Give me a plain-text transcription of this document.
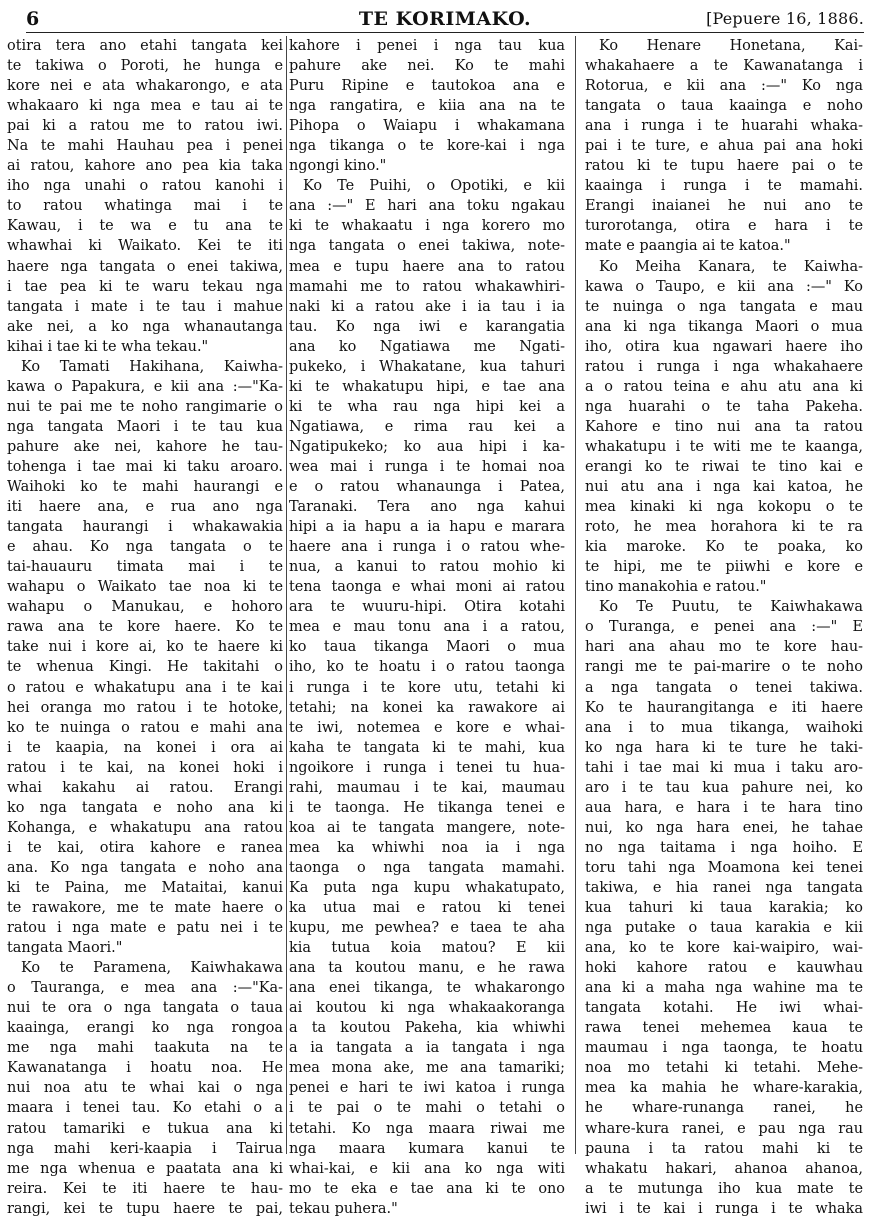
6	TE KORIMAKO.	[Pepuere 16, 1886.
otira tera ano etahi tangata kei
te takiwa o Poroti, he hunga e
kore nei e ata whakarongo, e ata
whakaaro ki nga mea e tau ai te
pai ki a ratou me to ratou iwi.
Na te mahi Hauhau pea i penei
ai ratou, kahore ano pea kia taka
iho nga unahi o ratou kanohi i
to ratou whatinga mai i te
Kawau, i te wa e tu ana te
whawhai ki Waikato. Kei te iti
haere nga tangata o enei takiwa,
i tae pea ki te waru tekau nga
tangata i mate i te tau i mahue
ake nei, a ko nga whanautanga
kihai i tae ki te wha tekau."
Ko Tamati Hakihana, Kaiwha-
kawa o Papakura, e kii ana :—"Ka-
nui te pai me te noho rangimarie o
nga tangata Maori i te tau kua
pahure ake nei, kahore he tau-
tohenga i tae mai ki taku aroaro.
Waihoki ko te mahi haurangi e
iti haere ana, e rua ano nga
tangata haurangi i whakawakia
e ahau. Ko nga tangata o te
tai-hauauru timata mai i te
wahapu o Waikato tae noa ki te
wahapu o Manukau, e hohoro
rawa ana te kore haere. Ko te
take nui i kore ai, ko te haere ki
te whenua Kingi. He takitahi o
o ratou e whakatupu ana i te kai
hei oranga mo ratou i te hotoke,
ko te nuinga o ratou e mahi ana
i te kaapia, na konei i ora ai
ratou i te kai, na konei hoki i
whai kakahu ai ratou. Erangi
ko nga tangata e noho ana ki
Kohanga, e whakatupu ana ratou
i te kai, otira kahore e ranea
ana. Ko nga tangata e noho ana
ki te Paina, me Mataitai, kanui
te rawakore, me te mate haere o
ratou i nga mate e patu nei i te
tangata Maori."
Ko te Paramena, Kaiwhakawa
o Tauranga, e mea ana :—"Ka-
nui te ora o nga tangata o taua
kaainga, erangi ko nga rongoa
me nga mahi taakuta na te
Kawanatanga i hoatu noa. He
nui noa atu te whai kai o nga
maara i tenei tau. Ko etahi o a
ratou tamariki e tukua ana ki
nga mahi keri-kaapia i Tairua
me nga whenua e paatata ana ki
reira. Kei te iti haere te hau-
rangi, kei te tupu haere te pai,
kahore i penei i nga tau kua
pahure ake nei. Ko te mahi
Puru Ripine e tautokoa ana e
nga rangatira, e kiia ana na te
Pihopa o Waiapu i whakamana
nga tikanga o te kore-kai i nga
ngongi kino."
Ko Te Puihi, o Opotiki, e kii
ana :—" E hari ana toku ngakau
ki te whakaatu i nga korero mo
nga tangata o enei takiwa, note-
mea e tupu haere ana to ratou
mamahi me to ratou whakawhiri-
naki ki a ratou ake i ia tau i ia
tau. Ko nga iwi e karangatia
ana ko Ngatiawa me Ngati-
pukeko, i Whakatane, kua tahuri
ki te whakatupu hipi, e tae ana
ki te wha rau nga hipi kei a
Ngatiawa, e rima rau kei a
Ngatipukeko; ko aua hipi i ka-
wea mai i runga i te homai noa
e o ratou whanaunga i Patea,
Taranaki. Tera ano nga kahui
hipi a ia hapu a ia hapu e marara
haere ana i runga i o ratou whe-
nua, a kanui to ratou mohio ki
tena taonga e whai moni ai ratou
ara te wuuru-hipi. Otira kotahi
mea e mau tonu ana i a ratou,
ko taua tikanga Maori o mua
iho, ko te hoatu i o ratou taonga
i runga i te kore utu, tetahi ki
tetahi; na konei ka rawakore ai
te iwi, notemea e kore e whai-
kaha te tangata ki te mahi, kua
ngoikore i runga i tenei tu hua-
rahi, maumau i te kai, maumau
i te taonga. He tikanga tenei e
koa ai te tangata mangere, note-
mea ka whiwhi noa ia i nga
taonga o nga tangata mamahi.
Ka puta nga kupu whakatupato,
ka utua mai e ratou ki tenei
kupu, me pewhea? e taea te aha
kia tutua koia matou? E kii
ana ta koutou manu, e he rawa
ana enei tikanga, te whakarongo
ai koutou ki nga whakaakoranga
a ta koutou Pakeha, kia whiwhi
a ia tangata a ia tangata i nga
mea mona ake, me ana tamariki;
penei e hari te iwi katoa i runga
i te pai o te mahi o tetahi o
tetahi. Ko nga maara riwai me
nga maara kumara kanui te
whai-kai, e kii ana ko nga witi
mo te eka e tae ana ki te ono
tekau puhera."
Ko Henare Honetana, Kai-
whakahaere a te Kawanatanga i
Rotorua, e kii ana :—" Ko nga
tangata o taua kaainga e noho
ana i runga i te huarahi whaka-
pai i te ture, e ahua pai ana hoki
ratou ki te tupu haere pai o te
kaainga i runga i te mamahi.
Erangi inaianei he nui ano te
turorotanga, otira e hara i te
mate e paangia ai te katoa."
Ko Meiha Kanara, te Kaiwha-
kawa o Taupo, e kii ana :—" Ko
te nuinga o nga tangata e mau
ana ki nga tikanga Maori o mua
iho, otira kua ngawari haere iho
ratou i runga i nga whakahaere
a o ratou teina e ahu atu ana ki
nga huarahi o te taha Pakeha.
Kahore e tino nui ana ta ratou
whakatupu i te witi me te kaanga,
erangi ko te riwai te tino kai e
nui atu ana i nga kai katoa, he
mea kinaki ki nga kokopu o te
roto, he mea horahora ki te ra
kia maroke. Ko te poaka, ko
te hipi, me te piiwhi e kore e
tino manakohia e ratou."
Ko Te Puutu, te Kaiwhakawa
o Turanga, e penei ana :—" E
hari ana ahau mo te kore hau-
rangi me te pai-marire o te noho
a nga tangata o tenei takiwa.
Ko te haurangitanga e iti haere
ana i to mua tikanga, waihoki
ko nga hara ki te ture he taki-
tahi i tae mai ki mua i taku aro-
aro i te tau kua pahure nei, ko
aua hara, e hara i te hara tino
nui, ko nga hara enei, he tahae
no nga taitama i nga hoiho. E
toru tahi nga Moamona kei tenei
takiwa, e hia ranei nga tangata
kua tahuri ki taua karakia; ko
nga putake o taua karakia e kii
ana, ko te kore kai-waipiro, wai-
hoki kahore ratou e kauwhau
ana ki a maha nga wahine ma te
tangata kotahi. He iwi whai-
rawa tenei mehemea kaua te
maumau i nga taonga, te hoatu
noa mo tetahi ki tetahi. Mehe-
mea ka mahia he whare-karakia,
he whare-runanga ranei, he
whare-kura ranei, e pau nga rau
pauna i ta ratou mahi ki te
whakatu hakari, ahanoa ahanoa,
a te mutunga iho kua mate te
iwi i te kai i runga i te whaka
